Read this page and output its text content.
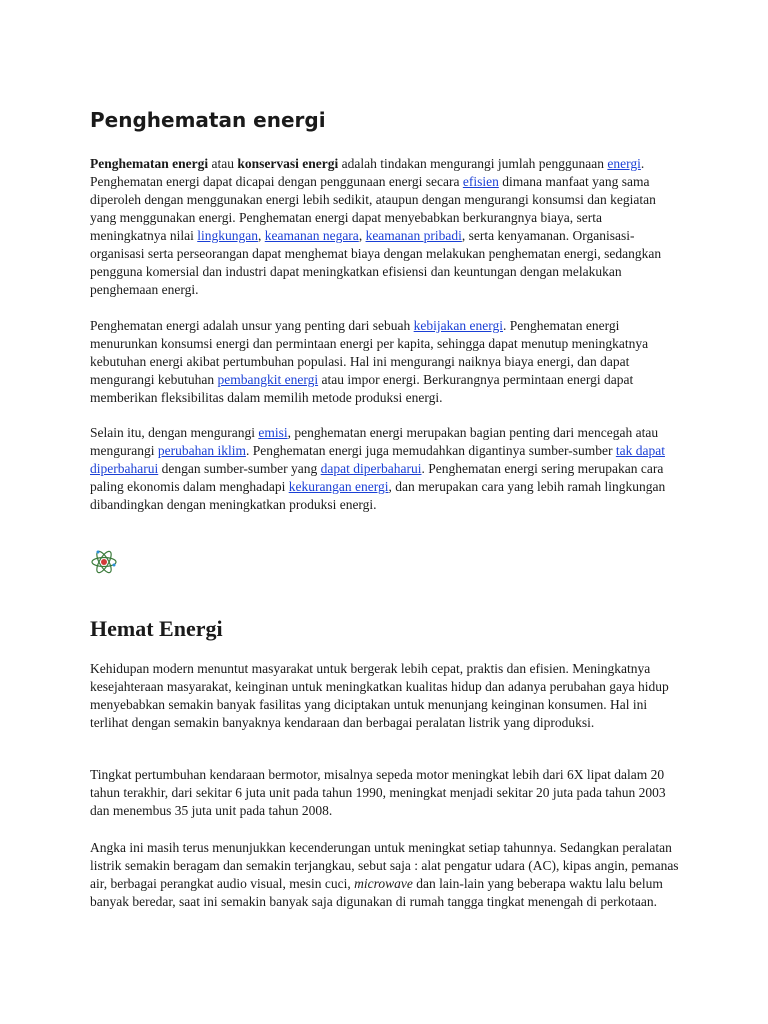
Penghematan energi

Penghematan energi atau konservasi energi adalah tindakan mengurangi jumlah penggunaan energi. Penghematan energi dapat dicapai dengan penggunaan energi secara efisien dimana manfaat yang sama diperoleh dengan menggunakan energi lebih sedikit, ataupun dengan mengurangi konsumsi dan kegiatan yang menggunakan energi. Penghematan energi dapat menyebabkan berkurangnya biaya, serta meningkatnya nilai lingkungan, keamanan negara, keamanan pribadi, serta kenyamanan. Organisasi-organisasi serta perseorangan dapat menghemat biaya dengan melakukan penghematan energi, sedangkan pengguna komersial dan industri dapat meningkatkan efisiensi dan keuntungan dengan melakukan penghemaan energi.

Penghematan energi adalah unsur yang penting dari sebuah kebijakan energi. Penghematan energi menurunkan konsumsi energi dan permintaan energi per kapita, sehingga dapat menutup meningkatnya kebutuhan energi akibat pertumbuhan populasi. Hal ini mengurangi naiknya biaya energi, dan dapat mengurangi kebutuhan pembangkit energi atau impor energi. Berkurangnya permintaan energi dapat memberikan fleksibilitas dalam memilih metode produksi energi.

Selain itu, dengan mengurangi emisi, penghematan energi merupakan bagian penting dari mencegah atau mengurangi perubahan iklim. Penghematan energi juga memudahkan digantinya sumber-sumber tak dapat diperbaharui dengan sumber-sumber yang dapat diperbaharui. Penghematan energi sering merupakan cara paling ekonomis dalam menghadapi kekurangan energi, dan merupakan cara yang lebih ramah lingkungan dibandingkan dengan meningkatkan produksi energi.

Hemat Energi

Kehidupan modern menuntut masyarakat untuk bergerak lebih cepat, praktis dan efisien. Meningkatnya kesejahteraan masyarakat, keinginan untuk meningkatkan kualitas hidup dan adanya perubahan gaya hidup menyebabkan semakin banyak fasilitas yang diciptakan untuk menunjang keinginan konsumen. Hal ini terlihat dengan semakin banyaknya kendaraan dan berbagai peralatan listrik yang diproduksi.

Tingkat pertumbuhan kendaraan bermotor, misalnya sepeda motor meningkat lebih dari 6X lipat dalam 20 tahun terakhir, dari sekitar 6 juta unit pada tahun 1990, meningkat menjadi sekitar 20 juta pada tahun 2003 dan menembus 35 juta unit pada tahun 2008.

Angka ini masih terus menunjukkan kecenderungan untuk meningkat setiap tahunnya. Sedangkan peralatan listrik semakin beragam dan semakin terjangkau, sebut saja : alat pengatur udara (AC), kipas angin, pemanas air, berbagai perangkat audio visual, mesin cuci, microwave dan lain-lain yang beberapa waktu lalu belum banyak beredar, saat ini semakin banyak saja digunakan di rumah tangga tingkat menengah di perkotaan.
